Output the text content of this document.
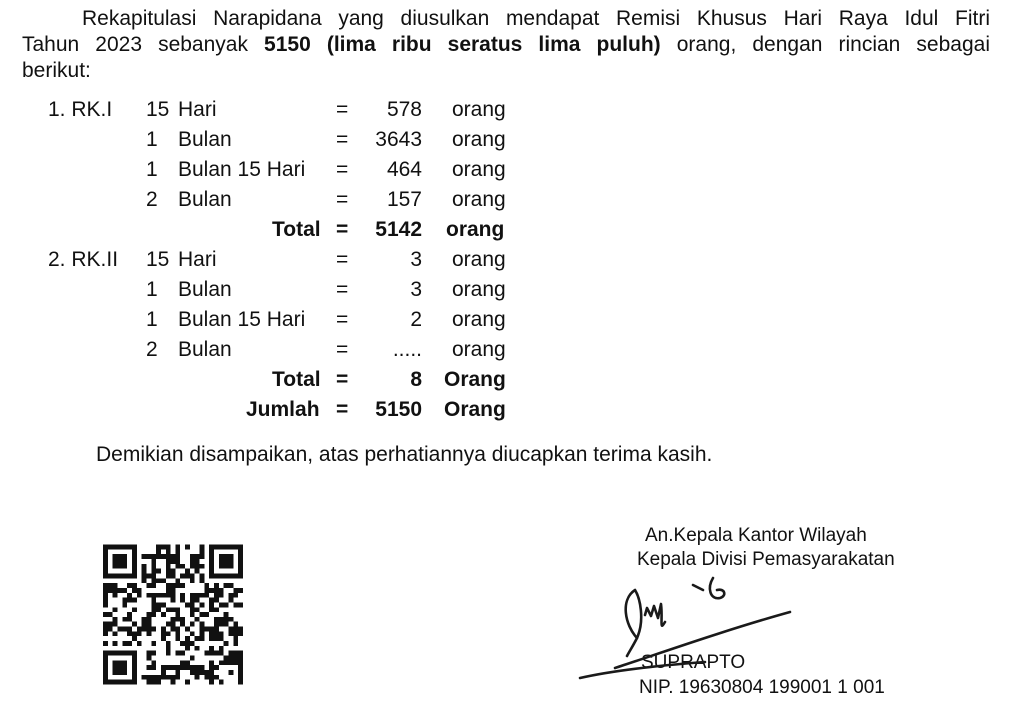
Rekapitulasi Narapidana yang diusulkan mendapat Remisi Khusus Hari Raya Idul Fitri
Tahun 2023 sebanyak 5150 (lima ribu seratus lima puluh) orang, dengan rincian sebagai
berikut:
1. RK.I 15 Hari	=	578 orang
1 Bulan	=	3643 orang
1 Bulan 15 Hari =	464 orang
2 Bulan	=	157 orang
Total =	5142 orang
2. RK.II 15 Hari	=	3 orang
1 Bulan	=	3 orang
1 Bulan 15 Hari =	2 orang
2 Bulan	=	..... orang
Total =	8 Orang
Jumlah =	5150 Orang
Demikian disampaikan, atas perhatiannya diucapkan terima kasih.
An.Kepala Kantor Wilayah
Kepala Divisi Pemasyarakatan
SUPRAPTO
NIP. 19630804 199001 1 001
